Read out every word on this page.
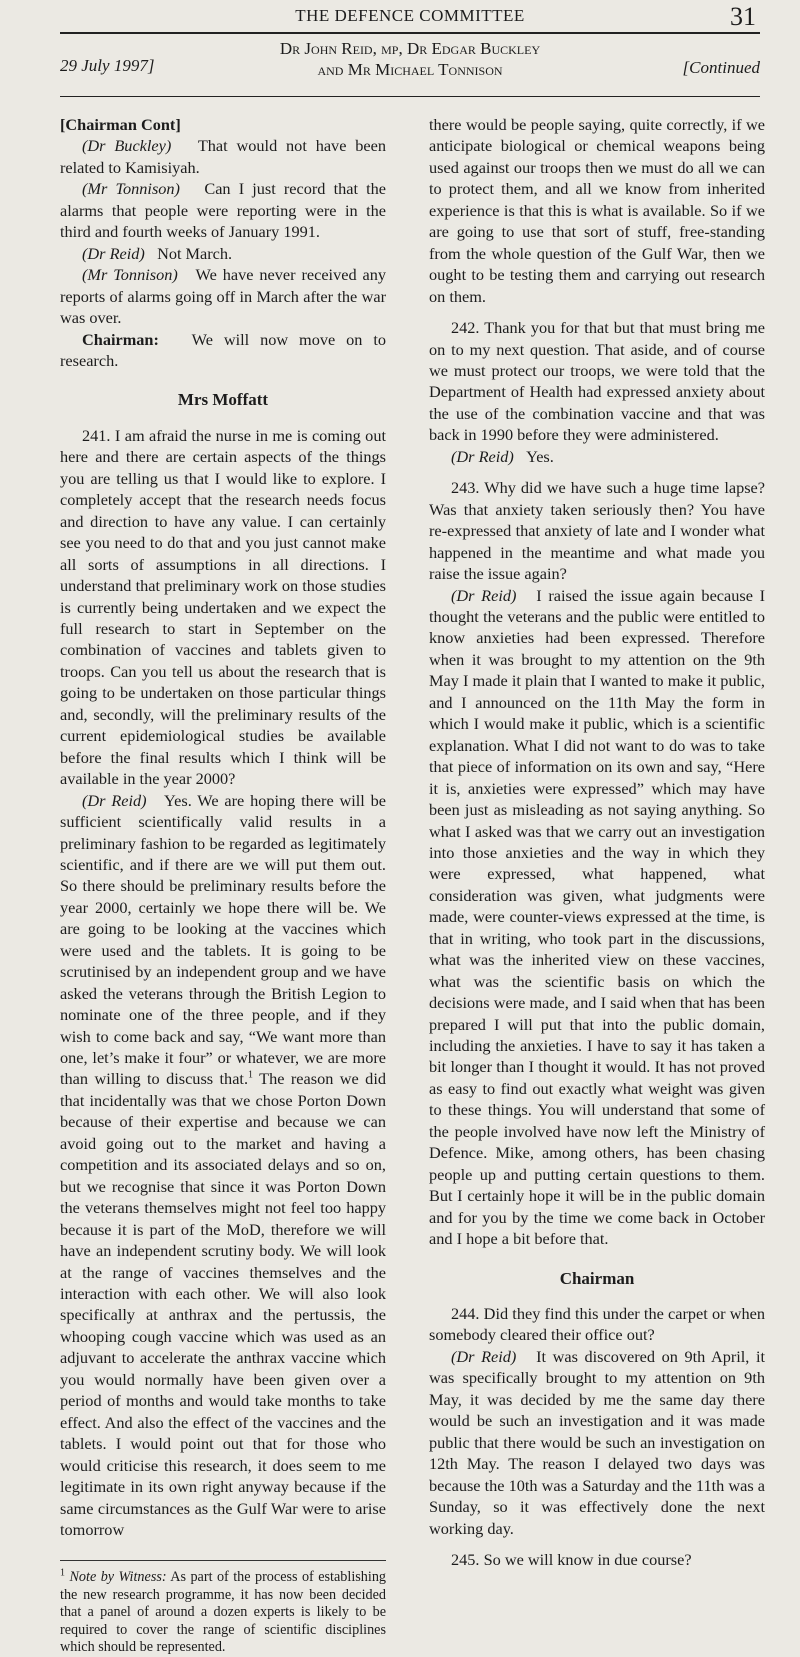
THE DEFENCE COMMITTEE	31
29 July 1997]
Dr John Reid, mp, Dr Edgar Buckley
and Mr Michael Tonnison	[Continued

[Chairman Cont]

(Dr Buckley) That would not have been related to Kamisiyah.

(Mr Tonnison) Can I just record that the alarms that people were reporting were in the third and fourth weeks of January 1991.

(Dr Reid) Not March.

(Mr Tonnison) We have never received any reports of alarms going off in March after the war was over.

Chairman: We will now move on to research.

Mrs Moffatt

241. I am afraid the nurse in me is coming out here and there are certain aspects of the things you are telling us that I would like to explore. I completely accept that the research needs focus and direction to have any value. I can certainly see you need to do that and you just cannot make all sorts of assumptions in all directions. I understand that preliminary work on those studies is currently being undertaken and we expect the full research to start in September on the combination of vaccines and tablets given to troops. Can you tell us about the research that is going to be undertaken on those particular things and, secondly, will the preliminary results of the current epidemiological studies be available before the final results which I think will be available in the year 2000?

(Dr Reid) Yes. We are hoping there will be sufficient scientifically valid results in a preliminary fashion to be regarded as legitimately scientific, and if there are we will put them out. So there should be preliminary results before the year 2000, certainly we hope there will be. We are going to be looking at the vaccines which were used and the tablets. It is going to be scrutinised by an independent group and we have asked the veterans through the British Legion to nominate one of the three people, and if they wish to come back and say, “We want more than one, let’s make it four” or whatever, we are more than willing to discuss that.$^1$ The reason we did that incidentally was that we chose Porton Down because of their expertise and because we can avoid going out to the market and having a competition and its associated delays and so on, but we recognise that since it was Porton Down the veterans themselves might not feel too happy because it is part of the MoD, therefore we will have an independent scrutiny body. We will look at the range of vaccines themselves and the interaction with each other. We will also look specifically at anthrax and the pertussis, the whooping cough vaccine which was used as an adjuvant to accelerate the anthrax vaccine which you would normally have been given over a period of months and would take months to take effect. And also the effect of the vaccines and the tablets. I would point out that for those who would criticise this research, it does seem to me legitimate in its own right anyway because if the same circumstances as the Gulf War were to arise tomorrow

$^1$ Note by Witness: As part of the process of establishing the new research programme, it has now been decided that a panel of around a dozen experts is likely to be required to cover the range of scientific disciplines which should be represented.

there would be people saying, quite correctly, if we anticipate biological or chemical weapons being used against our troops then we must do all we can to protect them, and all we know from inherited experience is that this is what is available. So if we are going to use that sort of stuff, free-standing from the whole question of the Gulf War, then we ought to be testing them and carrying out research on them.

242. Thank you for that but that must bring me on to my next question. That aside, and of course we must protect our troops, we were told that the Department of Health had expressed anxiety about the use of the combination vaccine and that was back in 1990 before they were administered.

(Dr Reid) Yes.

243. Why did we have such a huge time lapse? Was that anxiety taken seriously then? You have re-expressed that anxiety of late and I wonder what happened in the meantime and what made you raise the issue again?

(Dr Reid) I raised the issue again because I thought the veterans and the public were entitled to know anxieties had been expressed. Therefore when it was brought to my attention on the 9th May I made it plain that I wanted to make it public, and I announced on the 11th May the form in which I would make it public, which is a scientific explanation. What I did not want to do was to take that piece of information on its own and say, “Here it is, anxieties were expressed” which may have been just as misleading as not saying anything. So what I asked was that we carry out an investigation into those anxieties and the way in which they were expressed, what happened, what consideration was given, what judgments were made, were counter-views expressed at the time, is that in writing, who took part in the discussions, what was the inherited view on these vaccines, what was the scientific basis on which the decisions were made, and I said when that has been prepared I will put that into the public domain, including the anxieties. I have to say it has taken a bit longer than I thought it would. It has not proved as easy to find out exactly what weight was given to these things. You will understand that some of the people involved have now left the Ministry of Defence. Mike, among others, has been chasing people up and putting certain questions to them. But I certainly hope it will be in the public domain and for you by the time we come back in October and I hope a bit before that.

Chairman

244. Did they find this under the carpet or when somebody cleared their office out?

(Dr Reid) It was discovered on 9th April, it was specifically brought to my attention on 9th May, it was decided by me the same day there would be such an investigation and it was made public that there would be such an investigation on 12th May. The reason I delayed two days was because the 10th was a Saturday and the 11th was a Sunday, so it was effectively done the next working day.

245. So we will know in due course?
